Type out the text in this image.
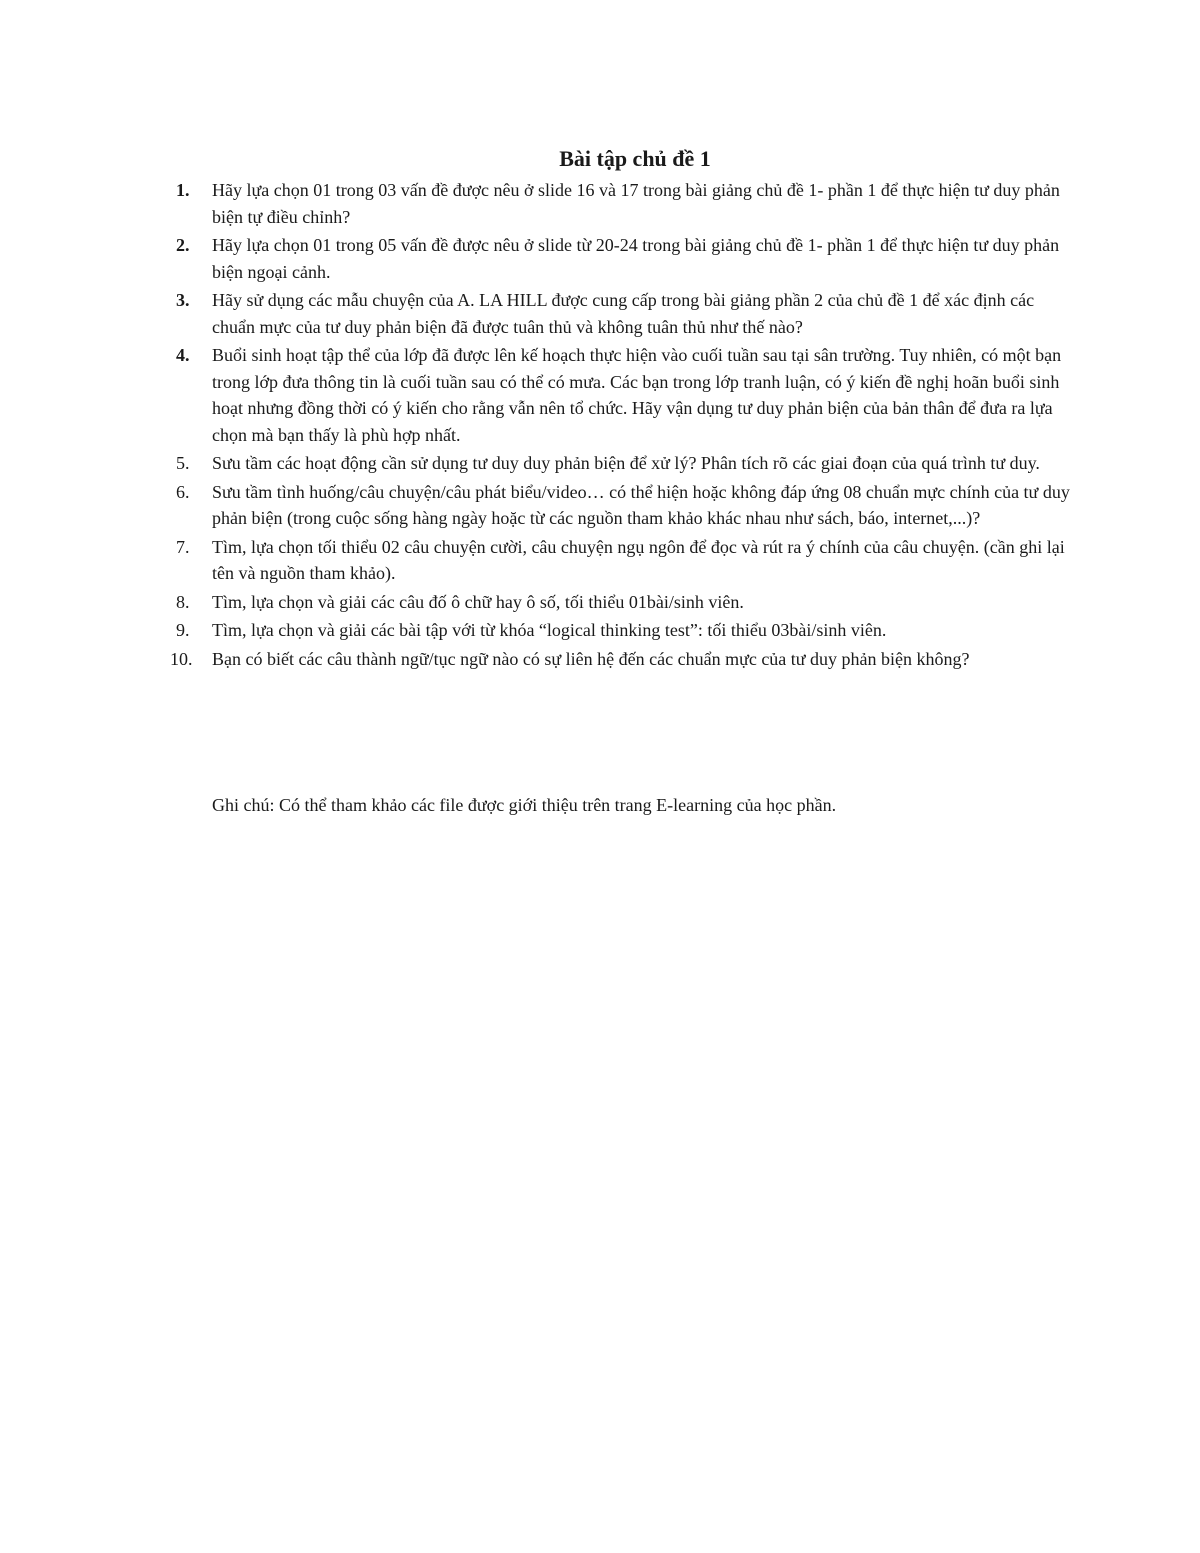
Bài tập chủ đề 1
1. Hãy lựa chọn 01 trong 03 vấn đề được nêu ở slide 16 và 17 trong bài giảng chủ đề 1- phần 1 để thực hiện tư duy phản biện tự điều chỉnh?
2. Hãy lựa chọn 01 trong 05 vấn đề được nêu ở slide từ 20-24 trong bài giảng chủ đề 1- phần 1 để thực hiện tư duy phản biện ngoại cảnh.
3. Hãy sử dụng các mẫu chuyện của A. LA HILL được cung cấp trong bài giảng phần 2 của chủ đề 1 để xác định các chuẩn mực của tư duy phản biện đã được tuân thủ và không tuân thủ như thế nào?
4. Buổi sinh hoạt tập thể của lớp đã được lên kế hoạch thực hiện vào cuối tuần sau tại sân trường. Tuy nhiên, có một bạn trong lớp đưa thông tin là cuối tuần sau có thể có mưa. Các bạn trong lớp tranh luận, có ý kiến đề nghị hoãn buổi sinh hoạt nhưng đồng thời có ý kiến cho rằng vẫn nên tổ chức. Hãy vận dụng tư duy phản biện của bản thân để đưa ra lựa chọn mà bạn thấy là phù hợp nhất.
5. Sưu tầm các hoạt động cần sử dụng tư duy duy phản biện để xử lý? Phân tích rõ các giai đoạn của quá trình tư duy.
6. Sưu tầm tình huống/câu chuyện/câu phát biểu/video… có thể hiện hoặc không đáp ứng 08 chuẩn mực chính của tư duy phản biện (trong cuộc sống hàng ngày hoặc từ các nguồn tham khảo khác nhau như sách, báo, internet,...)?
7. Tìm, lựa chọn tối thiểu 02 câu chuyện cười, câu chuyện ngụ ngôn để đọc và rút ra ý chính của câu chuyện. (cần ghi lại tên và nguồn tham khảo).
8. Tìm, lựa chọn và giải các câu đố ô chữ hay ô số, tối thiểu 01bài/sinh viên.
9. Tìm, lựa chọn và giải các bài tập với từ khóa “logical thinking test”: tối thiểu 03bài/sinh viên.
10. Bạn có biết các câu thành ngữ/tục ngữ nào có sự liên hệ đến các chuẩn mực của tư duy phản biện không?
Ghi chú: Có thể tham khảo các file được giới thiệu trên trang E-learning của học phần.
